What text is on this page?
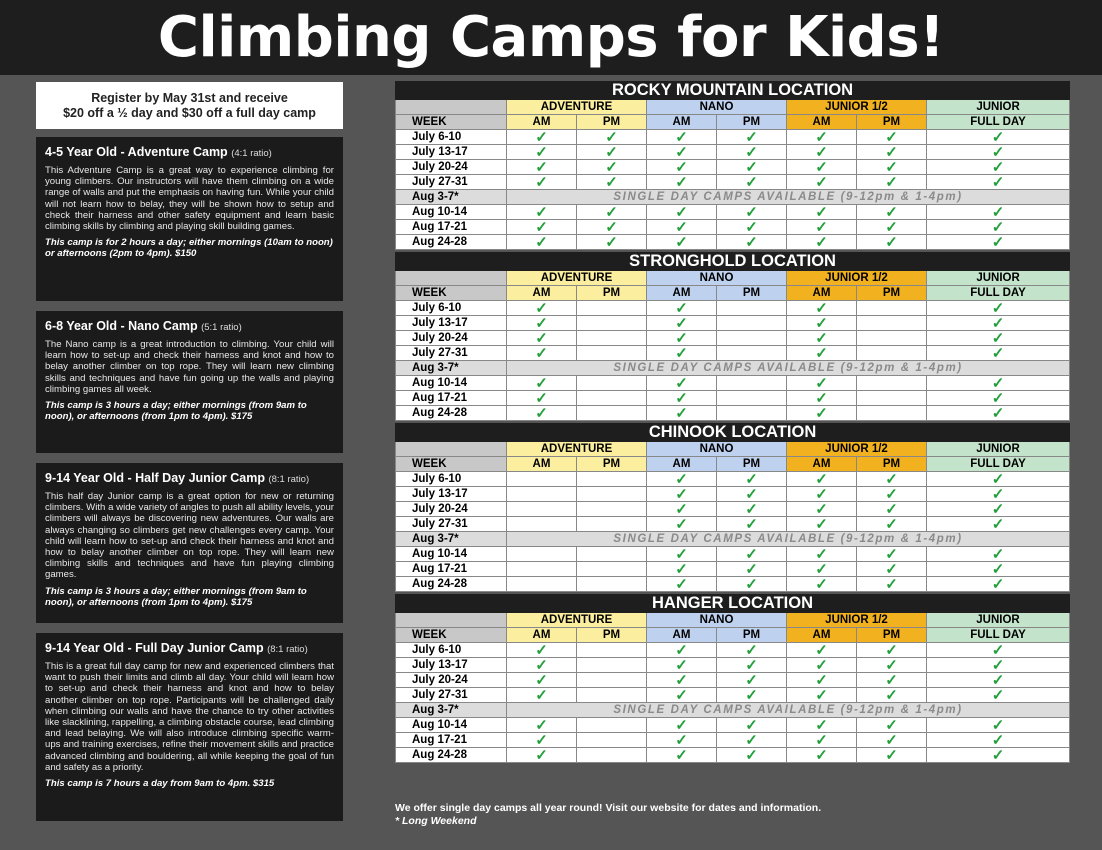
Climbing Camps for Kids!
Register by May 31st and receive
$20 off a ½ day and $30 off a full day camp
4-5 Year Old - Adventure Camp (4:1 ratio)

This Adventure Camp is a great way to experience climbing for young climbers. Our instructors will have them climbing on a wide range of walls and put the emphasis on having fun. While your child will not learn how to belay, they will be shown how to setup and check their harness and other safety equipment and learn basic climbing skills by climbing and playing skill building games.

This camp is for 2 hours a day; either mornings (10am to noon) or afternoons (2pm to 4pm). $150

6-8 Year Old - Nano Camp (5:1 ratio)

The Nano camp is a great introduction to climbing. Your child will learn how to set-up and check their harness and knot and how to belay another climber on top rope. They will learn new climbing skills and techniques and have fun going up the walls and playing climbing games all week.

This camp is 3 hours a day; either mornings (from 9am to noon), or afternoons (from 1pm to 4pm). $175

9-14 Year Old - Half Day Junior Camp (8:1 ratio)

This half day Junior camp is a great option for new or returning climbers. With a wide variety of angles to push all ability levels, your climbers will always be discovering new adventures. Our walls are always changing so climbers get new challenges every camp. Your child will learn how to set-up and check their harness and knot and how to belay another climber on top rope. They will learn new climbing skills and techniques and have fun playing climbing games.

This camp is 3 hours a day; either mornings (from 9am to noon), or afternoons (from 1pm to 4pm). $175

9-14 Year Old - Full Day Junior Camp (8:1 ratio)

This is a great full day camp for new and experienced climbers that want to push their limits and climb all day. Your child will learn how to set-up and check their harness and knot and how to belay another climber on top rope. Participants will be challenged daily when climbing our walls and have the chance to try other activities like slacklining, rappelling, a climbing obstacle course, lead climbing and lead belaying. We will also introduce climbing specific warm-ups and training exercises, refine their movement skills and practice advanced climbing and bouldering, all while keeping the goal of fun and safety as a priority.

This camp is 7 hours a day from 9am to 4pm. $315

ROCKY MOUNTAIN LOCATION							
	ADVENTURE		NANO		JUNIOR 1/2		JUNIOR
WEEK	AM	PM	AM	PM	AM	PM	FULL DAY
July 6-10	✓	✓	✓	✓	✓	✓	✓
July 13-17	✓	✓	✓	✓	✓	✓	✓
July 20-24	✓	✓	✓	✓	✓	✓	✓
July 27-31	✓	✓	✓	✓	✓	✓	✓
Aug 3-7*	SINGLE DAY CAMPS AVAILABLE (9-12pm & 1-4pm)						
Aug 10-14	✓	✓	✓	✓	✓	✓	✓
Aug 17-21	✓	✓	✓	✓	✓	✓	✓
Aug 24-28	✓	✓	✓	✓	✓	✓	✓
STRONGHOLD LOCATION							
	ADVENTURE		NANO		JUNIOR 1/2		JUNIOR
WEEK	AM	PM	AM	PM	AM	PM	FULL DAY
July 6-10	✓		✓		✓		✓
July 13-17	✓		✓		✓		✓
July 20-24	✓		✓		✓		✓
July 27-31	✓		✓		✓		✓
Aug 3-7*	SINGLE DAY CAMPS AVAILABLE (9-12pm & 1-4pm)						
Aug 10-14	✓		✓		✓		✓
Aug 17-21	✓		✓		✓		✓
Aug 24-28	✓		✓		✓		✓
CHINOOK LOCATION							
	ADVENTURE		NANO		JUNIOR 1/2		JUNIOR
WEEK	AM	PM	AM	PM	AM	PM	FULL DAY
July 6-10			✓	✓	✓	✓	✓
July 13-17			✓	✓	✓	✓	✓
July 20-24			✓	✓	✓	✓	✓
July 27-31			✓	✓	✓	✓	✓
Aug 3-7*	SINGLE DAY CAMPS AVAILABLE (9-12pm & 1-4pm)						
Aug 10-14			✓	✓	✓	✓	✓
Aug 17-21			✓	✓	✓	✓	✓
Aug 24-28			✓	✓	✓	✓	✓
HANGER LOCATION							
	ADVENTURE		NANO		JUNIOR 1/2		JUNIOR
WEEK	AM	PM	AM	PM	AM	PM	FULL DAY
July 6-10	✓		✓	✓	✓	✓	✓
July 13-17	✓		✓	✓	✓	✓	✓
July 20-24	✓		✓	✓	✓	✓	✓
July 27-31	✓		✓	✓	✓	✓	✓
Aug 3-7*	SINGLE DAY CAMPS AVAILABLE (9-12pm & 1-4pm)						
Aug 10-14	✓		✓	✓	✓	✓	✓
Aug 17-21	✓		✓	✓	✓	✓	✓
Aug 24-28	✓		✓	✓	✓	✓	✓
We offer single day camps all year round! Visit our website for dates and information.
* Long Weekend
